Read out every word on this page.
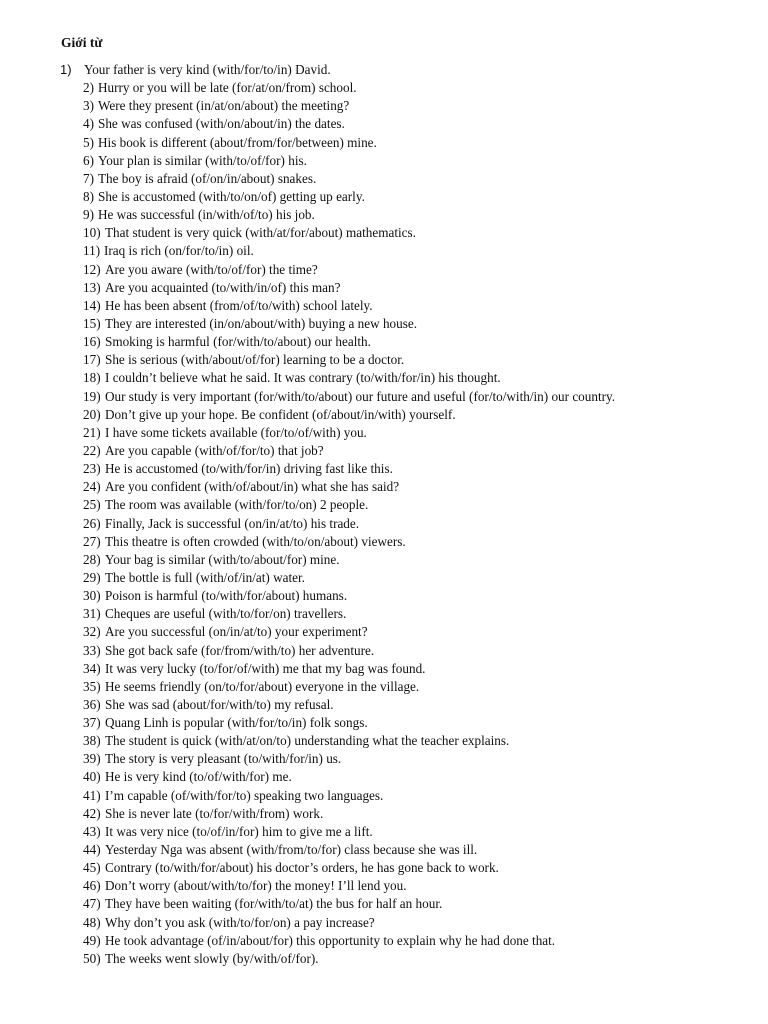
Giới từ
1) Your father is very kind (with/for/to/in) David.
2) Hurry or you will be late (for/at/on/from) school.
3) Were they present (in/at/on/about) the meeting?
4) She was confused (with/on/about/in) the dates.
5) His book is different (about/from/for/between) mine.
6) Your plan is similar (with/to/of/for) his.
7) The boy is afraid (of/on/in/about) snakes.
8) She is accustomed (with/to/on/of) getting up early.
9) He was successful (in/with/of/to) his job.
10) That student is very quick (with/at/for/about) mathematics.
11) Iraq is rich (on/for/to/in) oil.
12) Are you aware (with/to/of/for) the time?
13) Are you acquainted (to/with/in/of) this man?
14) He has been absent (from/of/to/with) school lately.
15) They are interested (in/on/about/with) buying a new house.
16) Smoking is harmful (for/with/to/about) our health.
17) She is serious (with/about/of/for) learning to be a doctor.
18) I couldn’t believe what he said. It was contrary (to/with/for/in) his thought.
19) Our study is very important (for/with/to/about) our future and useful (for/to/with/in) our country.
20) Don’t give up your hope. Be confident (of/about/in/with) yourself.
21) I have some tickets available (for/to/of/with) you.
22) Are you capable (with/of/for/to) that job?
23) He is accustomed (to/with/for/in) driving fast like this.
24) Are you confident (with/of/about/in) what she has said?
25) The room was available (with/for/to/on) 2 people.
26) Finally, Jack is successful (on/in/at/to) his trade.
27) This theatre is often crowded (with/to/on/about) viewers.
28) Your bag is similar (with/to/about/for) mine.
29) The bottle is full (with/of/in/at) water.
30) Poison is harmful (to/with/for/about) humans.
31) Cheques are useful (with/to/for/on) travellers.
32) Are you successful (on/in/at/to) your experiment?
33) She got back safe (for/from/with/to) her adventure.
34) It was very lucky (to/for/of/with) me that my bag was found.
35) He seems friendly (on/to/for/about) everyone in the village.
36) She was sad (about/for/with/to) my refusal.
37) Quang Linh is popular (with/for/to/in) folk songs.
38) The student is quick (with/at/on/to) understanding what the teacher explains.
39) The story is very pleasant (to/with/for/in) us.
40) He is very kind (to/of/with/for) me.
41) I’m capable (of/with/for/to) speaking two languages.
42) She is never late (to/for/with/from) work.
43) It was very nice (to/of/in/for) him to give me a lift.
44) Yesterday Nga was absent (with/from/to/for) class because she was ill.
45) Contrary (to/with/for/about) his doctor’s orders, he has gone back to work.
46) Don’t worry (about/with/to/for) the money! I’ll lend you.
47) They have been waiting (for/with/to/at) the bus for half an hour.
48) Why don’t you ask (with/to/for/on) a pay increase?
49) He took advantage (of/in/about/for) this opportunity to explain why he had done that.
50) The weeks went slowly (by/with/of/for).
